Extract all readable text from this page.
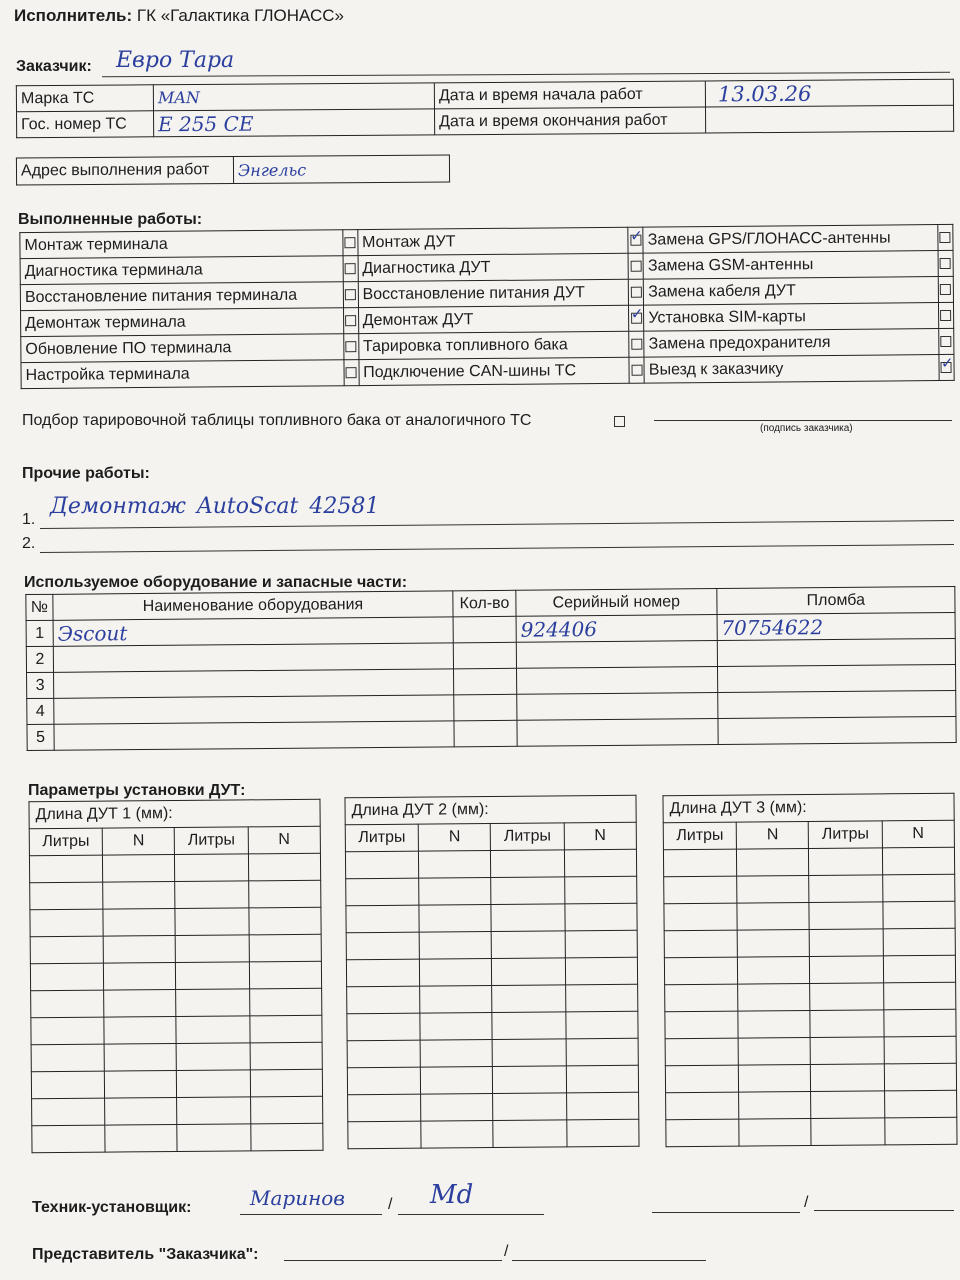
Исполнитель: ГК «Галактика ГЛОНАСС»
Заказчик: Евро Тара
Марка ТС	MAN	Дата и время начала работ	13.03.26
Гос. номер ТС	Е 255 СЕ	Дата и время окончания работ	
Адрес выполнения работ	Энгельс
Выполненные работы:
Монтаж терминала		Монтаж ДУТ	✓	Замена GPS/ГЛОНАСС-антенны	
Диагностика терминала		Диагностика ДУТ		Замена GSM-антенны	
Восстановление питания терминала		Восстановление питания ДУТ		Замена кабеля ДУТ	
Демонтаж терминала		Демонтаж ДУТ	✓	Установка SIM-карты	
Обновление ПО терминала		Тарировка топливного бака		Замена предохранителя	
Настройка терминала		Подключение CAN-шины ТС		Выезд к заказчику	✓
Подбор тарировочной таблицы топливного бака от аналогичного ТС	(подпись заказчика)
Прочие работы:
1.
Демонтаж AutoScat 42581
2.
Используемое оборудование и запасные части:
№	Наименование оборудования	Кол-во	Серийный номер	Пломба
1	Эscout		924406	70754622
2				
3				
4				
5				
Параметры установки ДУТ:
Длина ДУТ 1 (мм):			
Литры	N	Литры	N

Длина ДУТ 2 (мм):			
Литры	N	Литры	N

Длина ДУТ 3 (мм):			
Литры	N	Литры	N

Техник-установщик:	Маринов	/ Мd	/
Представитель "Заказчика":	/
